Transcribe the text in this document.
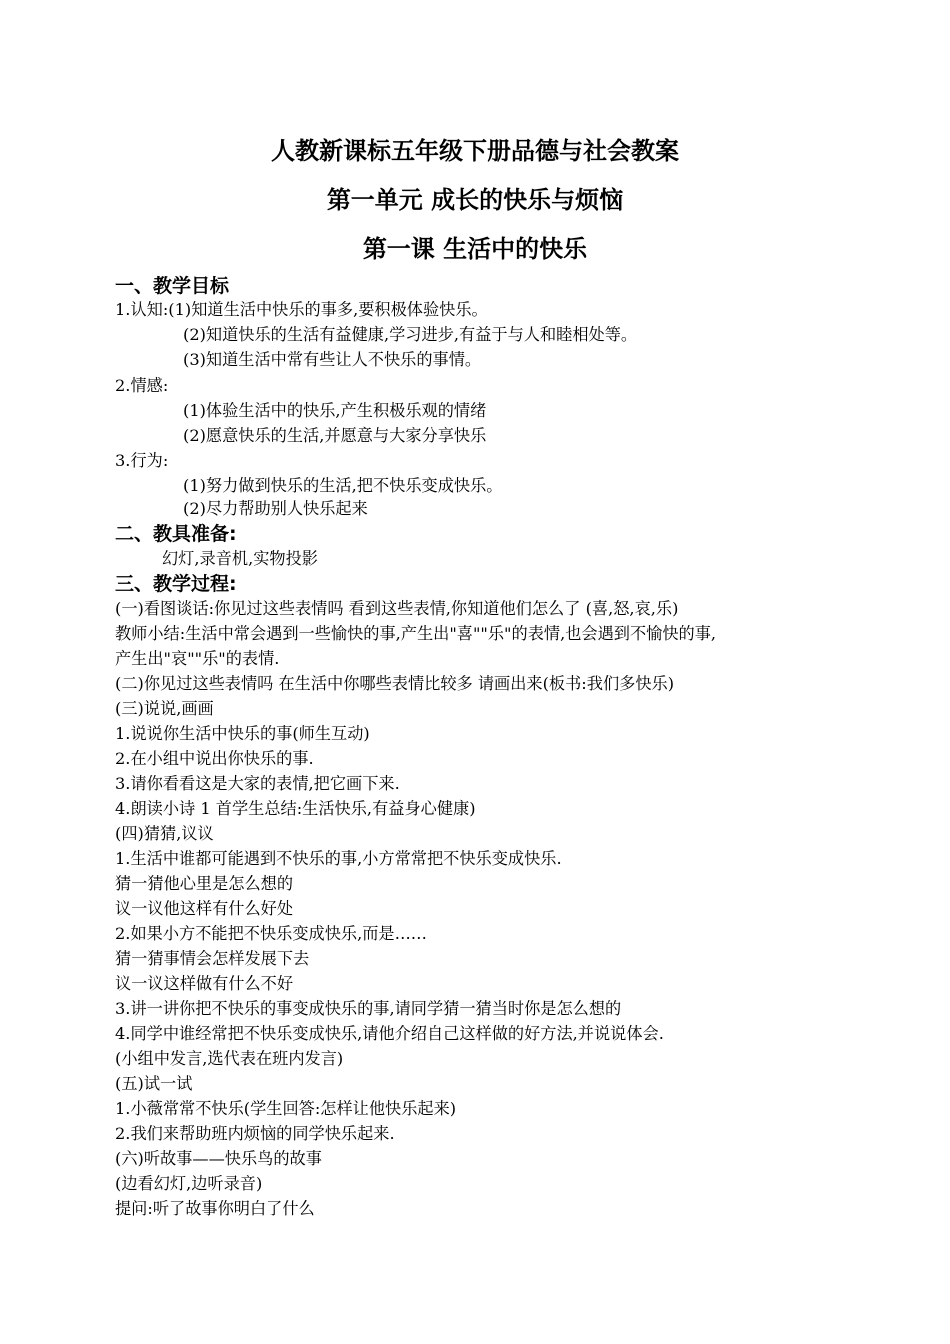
人教新课标五年级下册品德与社会教案
第一单元 成长的快乐与烦恼
第一课 生活中的快乐
一、教学目标
1.认知:(1)知道生活中快乐的事多,要积极体验快乐。
(2)知道快乐的生活有益健康,学习进步,有益于与人和睦相处等。
(3)知道生活中常有些让人不快乐的事情。
2.情感:
(1)体验生活中的快乐,产生积极乐观的情绪
(2)愿意快乐的生活,并愿意与大家分享快乐
3.行为:
(1)努力做到快乐的生活,把不快乐变成快乐。
(2)尽力帮助别人快乐起来
二、教具准备:
幻灯,录音机,实物投影
三、教学过程:
(一)看图谈话:你见过这些表情吗 看到这些表情,你知道他们怎么了 (喜,怒,哀,乐)
教师小结:生活中常会遇到一些愉快的事,产生出"喜""乐"的表情,也会遇到不愉快的事,
产生出"哀""乐"的表情.
(二)你见过这些表情吗 在生活中你哪些表情比较多 请画出来(板书:我们多快乐)
(三)说说,画画
1.说说你生活中快乐的事(师生互动)
2.在小组中说出你快乐的事.
3.请你看看这是大家的表情,把它画下来.
4.朗读小诗 1 首学生总结:生活快乐,有益身心健康)
(四)猜猜,议议
1.生活中谁都可能遇到不快乐的事,小方常常把不快乐变成快乐.
猜一猜他心里是怎么想的
议一议他这样有什么好处
2.如果小方不能把不快乐变成快乐,而是……
猜一猜事情会怎样发展下去
议一议这样做有什么不好
3.讲一讲你把不快乐的事变成快乐的事,请同学猜一猜当时你是怎么想的
4.同学中谁经常把不快乐变成快乐,请他介绍自己这样做的好方法,并说说体会.
(小组中发言,选代表在班内发言)
(五)试一试
1.小薇常常不快乐(学生回答:怎样让他快乐起来)
2.我们来帮助班内烦恼的同学快乐起来.
(六)听故事——快乐鸟的故事
(边看幻灯,边听录音)
提问:听了故事你明白了什么
